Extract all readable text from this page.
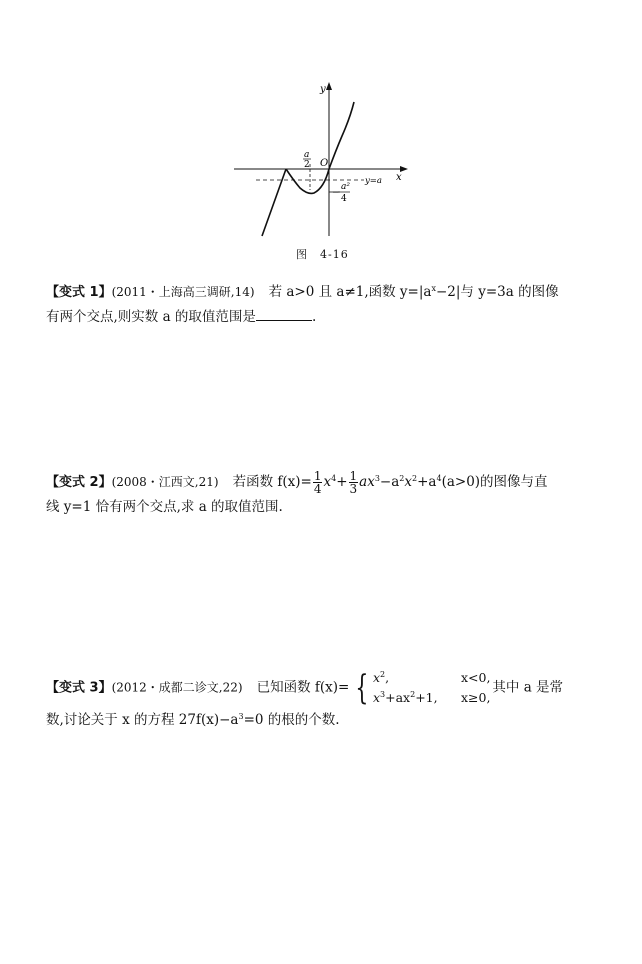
y
x
O
a
2
y=a
a²
4
−
图　4-16
【变式 1】(2011・上海高三调研,14) 若 a>0 且 a≠1,函数 $y=|a^x-2|$与 y=3a 的图像
有两个交点,则实数 a 的取值范围是	.
【变式 2】(2008・江西文,21) 若函数 $f(x)= \frac{1}{4} x^4+ \frac{1}{3} ax^3-a^2x^2+a^4(a>0)$的图像与直
线 y=1 恰有两个交点,求 a 的取值范围.
【变式 3】(2012・成都二诊文,22) 已知函数 f(x)= { $x^2$,	x<0,
$x^3+ax^2+1$, x≥0,其中 a 是常
数,讨论关于 x 的方程 $27f(x)-a^3=0$ 的根的个数.
